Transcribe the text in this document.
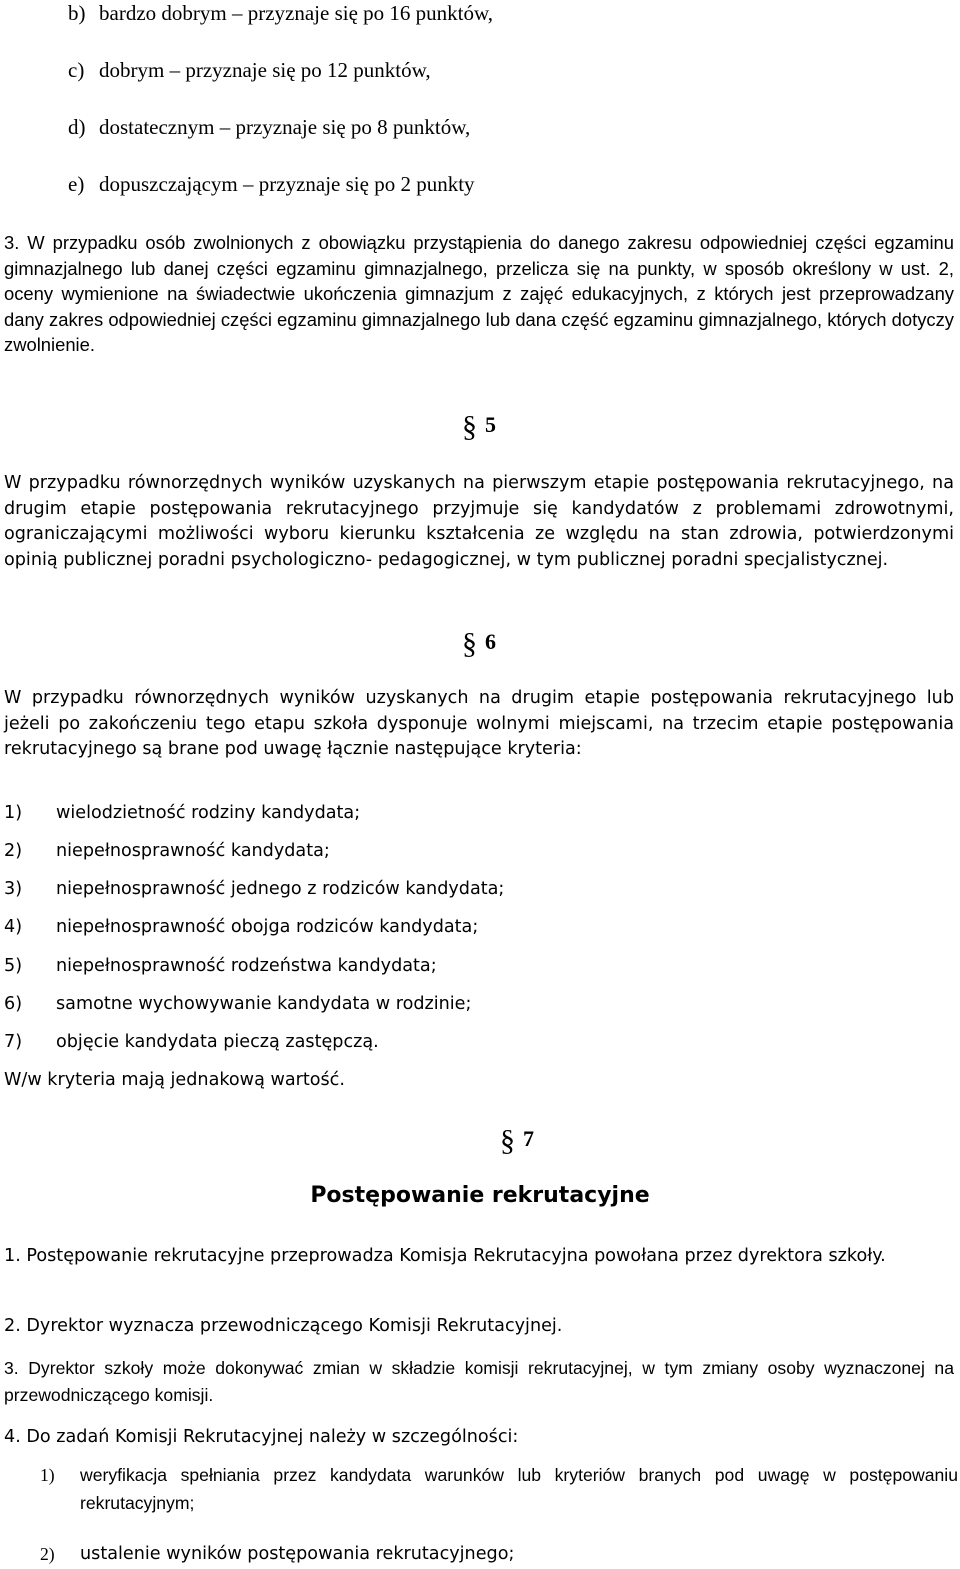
b) bardzo dobrym – przyznaje się po 16 punktów,
c) dobrym – przyznaje się po 12 punktów,
d) dostatecznym – przyznaje się po 8 punktów,
e) dopuszczającym – przyznaje się po 2 punkty
3. W przypadku osób zwolnionych z obowiązku przystąpienia do danego zakresu odpowiedniej części egzaminu gimnazjalnego lub danej części egzaminu gimnazjalnego, przelicza się na punkty, w sposób określony w ust. 2, oceny wymienione na świadectwie ukończenia gimnazjum z zajęć edukacyjnych, z których jest przeprowadzany dany zakres odpowiedniej części egzaminu gimnazjalnego lub dana część egzaminu gimnazjalnego, których dotyczy zwolnienie.
§ 5
W przypadku równorzędnych wyników uzyskanych na pierwszym etapie postępowania rekrutacyjnego, na drugim etapie postępowania rekrutacyjnego przyjmuje się kandydatów z problemami zdrowotnymi, ograniczającymi możliwości wyboru kierunku kształcenia ze względu na stan zdrowia, potwierdzonymi opinią publicznej poradni psychologiczno- pedagogicznej, w tym publicznej poradni specjalistycznej.
§ 6
W przypadku równorzędnych wyników uzyskanych na drugim etapie postępowania rekrutacyjnego lub jeżeli po zakończeniu tego etapu szkoła dysponuje wolnymi miejscami, na trzecim etapie postępowania rekrutacyjnego są brane pod uwagę łącznie następujące kryteria:
1) wielodzietność rodziny kandydata;
2) niepełnosprawność kandydata;
3) niepełnosprawność jednego z rodziców kandydata;
4) niepełnosprawność obojga rodziców kandydata;
5) niepełnosprawność rodzeństwa kandydata;
6) samotne wychowywanie kandydata w rodzinie;
7) objęcie kandydata pieczą zastępczą.
W/w kryteria mają jednakową wartość.
§ 7
Postępowanie rekrutacyjne
1. Postępowanie rekrutacyjne przeprowadza Komisja Rekrutacyjna powołana przez dyrektora szkoły.
2. Dyrektor wyznacza przewodniczącego Komisji Rekrutacyjnej.
3. Dyrektor szkoły może dokonywać zmian w składzie komisji rekrutacyjnej, w tym zmiany osoby wyznaczonej na przewodniczącego komisji.
4. Do zadań Komisji Rekrutacyjnej należy w szczególności:
1) weryfikacja spełniania przez kandydata warunków lub kryteriów branych pod uwagę w postępowaniu rekrutacyjnym;
2) ustalenie wyników postępowania rekrutacyjnego;
